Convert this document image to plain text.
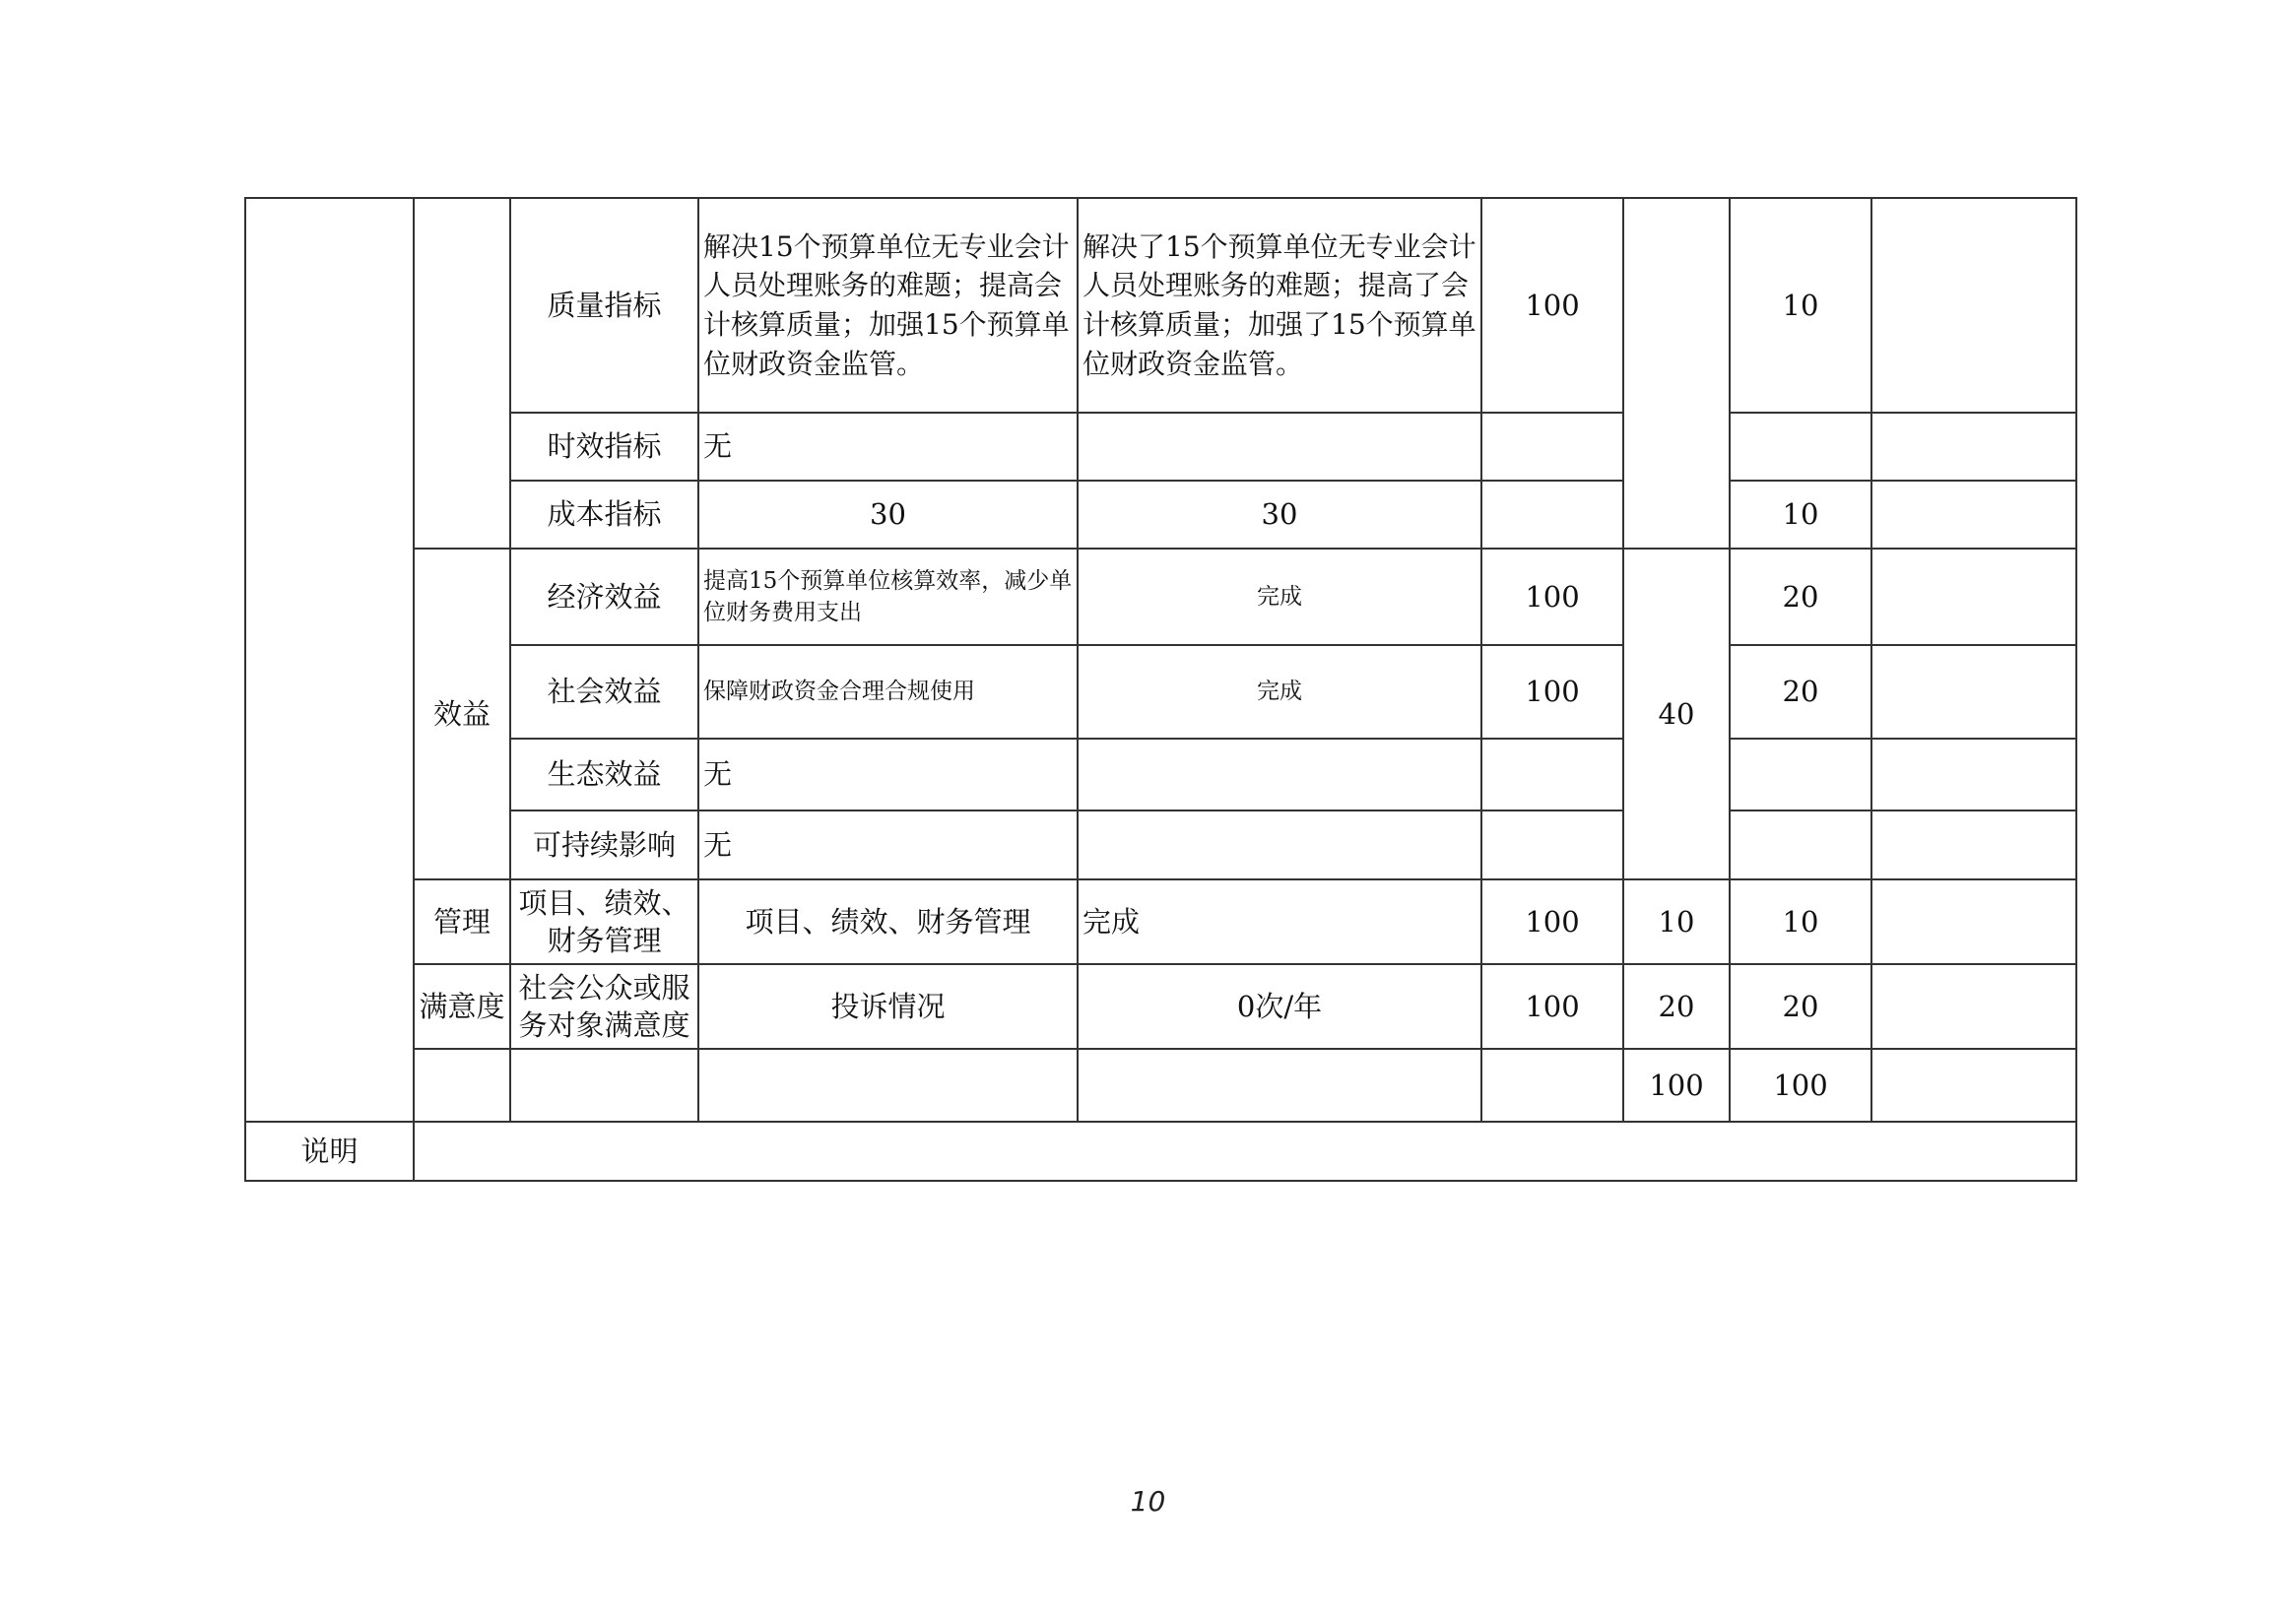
		质量指标	解决15个预算单位无专业会计人员处理账务的难题；提高会计核算质量；加强15个预算单位财政资金监管。	解决了15个预算单位无专业会计人员处理账务的难题；提高了会计核算质量；加强了15个预算单位财政资金监管。	100		10	
		时效指标	无					
		成本指标	30	30			10	
	效益	经济效益	提高15个预算单位核算效率，减少单位财务费用支出	完成	100	40	20	
		社会效益	保障财政资金合理合规使用	完成	100		20	
		生态效益	无					
		可持续影响	无					
	管理	项目、绩效、财务管理	项目、绩效、财务管理	完成	100	10	10	
	满意度	社会公众或服务对象满意度	投诉情况	0次/年	100	20	20	
						100	100	
说明								
10
